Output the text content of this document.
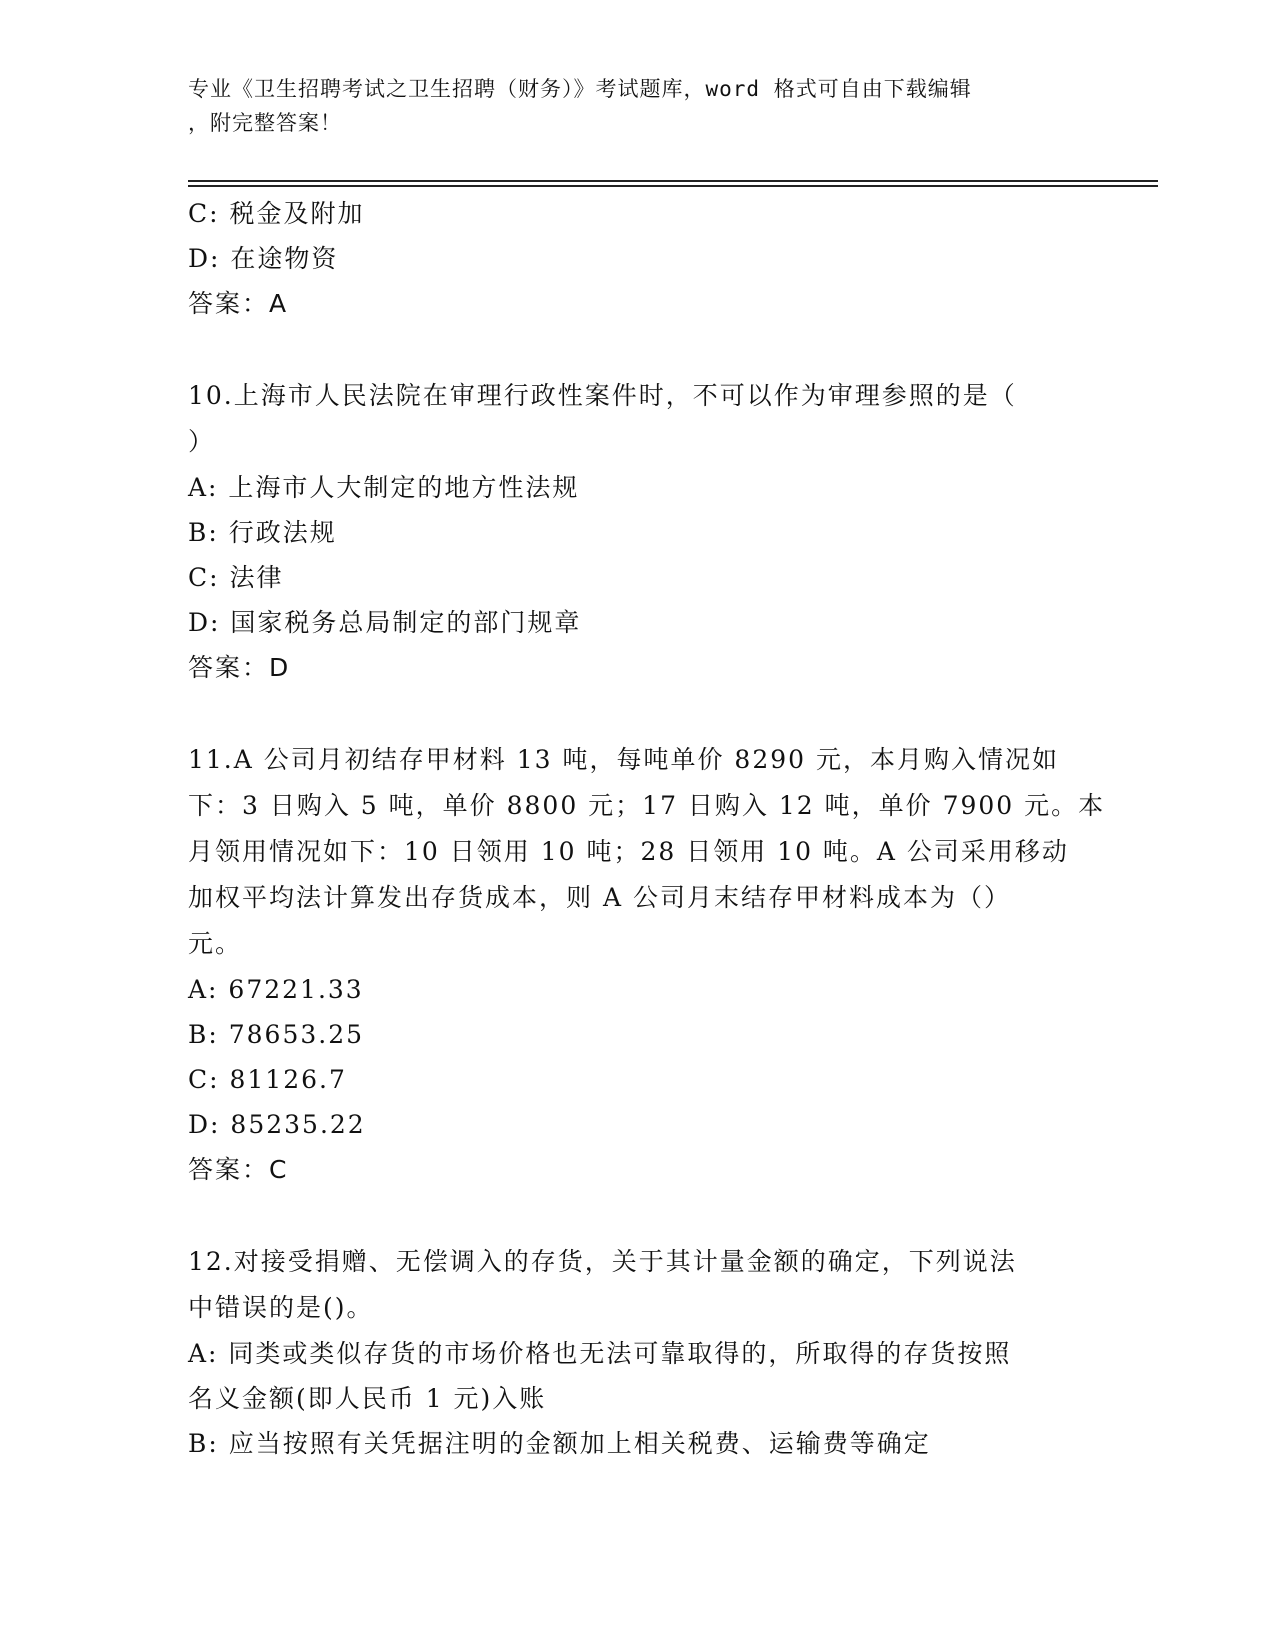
专业《卫生招聘考试之卫生招聘（财务）》考试题库，word 格式可自由下载编辑
，附完整答案！
C: 税金及附加
D: 在途物资
答案：A
10.上海市人民法院在审理行政性案件时，不可以作为审理参照的是（
）
A: 上海市人大制定的地方性法规
B: 行政法规
C: 法律
D: 国家税务总局制定的部门规章
答案：D
11.A 公司月初结存甲材料 13 吨，每吨单价 8290 元，本月购入情况如
下：3 日购入 5 吨，单价 8800 元；17 日购入 12 吨，单价 7900 元。本
月领用情况如下：10 日领用 10 吨；28 日领用 10 吨。A 公司采用移动
加权平均法计算发出存货成本，则 A 公司月末结存甲材料成本为（）
元。
A: 67221.33
B: 78653.25
C: 81126.7
D: 85235.22
答案：C
12.对接受捐赠、无偿调入的存货，关于其计量金额的确定，下列说法
中错误的是()。
A: 同类或类似存货的市场价格也无法可靠取得的，所取得的存货按照
名义金额(即人民币 1 元)入账
B: 应当按照有关凭据注明的金额加上相关税费、运输费等确定
